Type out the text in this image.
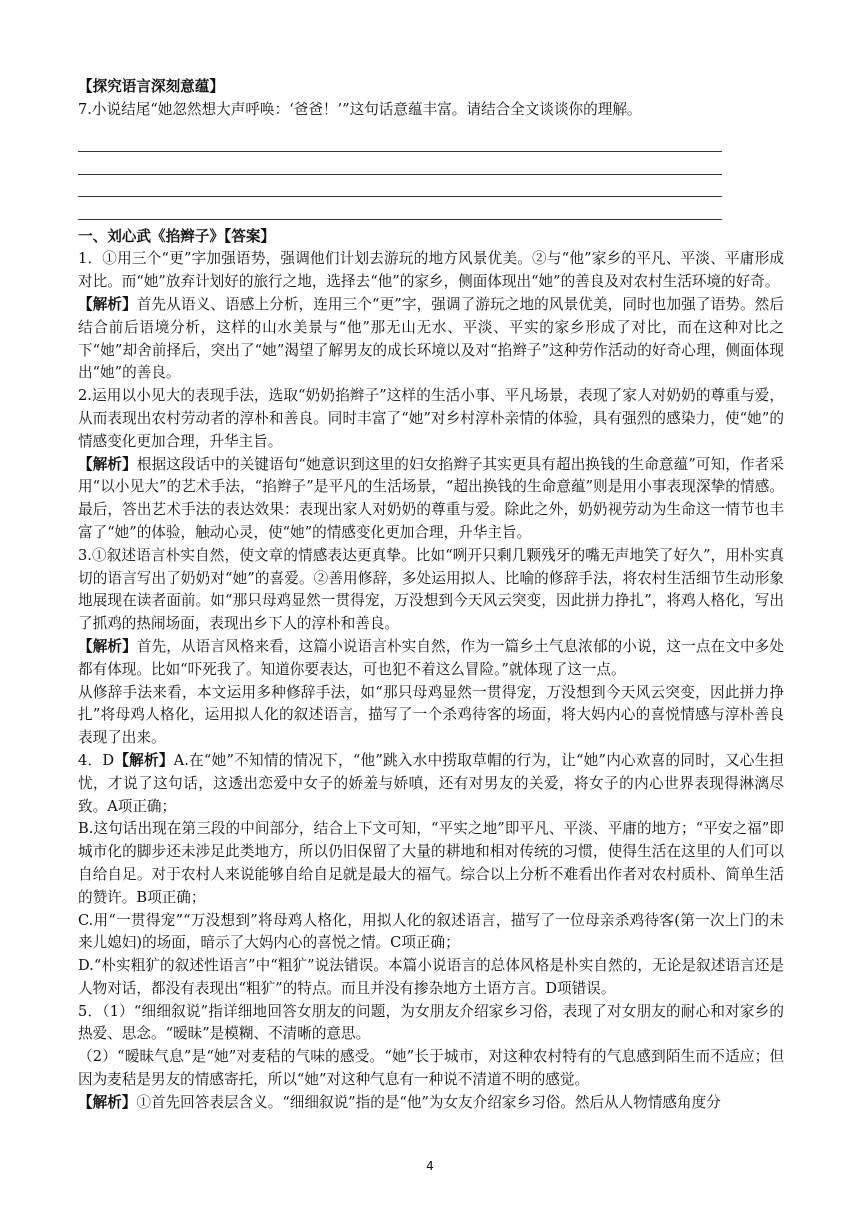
【探究语言深刻意蕴】

7.小说结尾“她忽然想大声呼唤：‘爸爸！’”这句话意蕴丰富。请结合全文谈谈你的理解。

一、刘心武《掐辫子》【答案】

1．①用三个“更”字加强语势，强调他们计划去游玩的地方风景优美。②与“他”家乡的平凡、平淡、平庸形成对比。而“她”放弃计划好的旅行之地，选择去“他”的家乡，侧面体现出“她”的善良及对农村生活环境的好奇。

【解析】首先从语义、语感上分析，连用三个“更”字，强调了游玩之地的风景优美，同时也加强了语势。然后结合前后语境分析，这样的山水美景与“他”那无山无水、平淡、平实的家乡形成了对比，而在这种对比之下“她”却舍前择后，突出了“她”渴望了解男友的成长环境以及对“掐辫子”这种劳作活动的好奇心理，侧面体现出“她”的善良。

2.运用以小见大的表现手法，选取“奶奶掐辫子”这样的生活小事、平凡场景，表现了家人对奶奶的尊重与爱，从而表现出农村劳动者的淳朴和善良。同时丰富了“她”对乡村淳朴亲情的体验，具有强烈的感染力，使“她”的情感变化更加合理，升华主旨。

【解析】根据这段话中的关键语句“她意识到这里的妇女掐辫子其实更具有超出换钱的生命意蕴”可知，作者采用“以小见大”的艺术手法，“掐辫子”是平凡的生活场景，“超出换钱的生命意蕴”则是用小事表现深挚的情感。最后，答出艺术手法的表达效果：表现出家人对奶奶的尊重与爱。除此之外，奶奶视劳动为生命这一情节也丰富了“她”的体验，触动心灵，使“她”的情感变化更加合理，升华主旨。

3.①叙述语言朴实自然，使文章的情感表达更真挚。比如“咧开只剩几颗残牙的嘴无声地笑了好久”，用朴实真切的语言写出了奶奶对“她”的喜爱。②善用修辞，多处运用拟人、比喻的修辞手法，将农村生活细节生动形象地展现在读者面前。如“那只母鸡显然一贯得宠，万没想到今天风云突变，因此拼力挣扎”，将鸡人格化，写出了抓鸡的热闹场面，表现出乡下人的淳朴和善良。

【解析】首先，从语言风格来看，这篇小说语言朴实自然，作为一篇乡土气息浓郁的小说，这一点在文中多处都有体现。比如“吓死我了。知道你要表达，可也犯不着这么冒险。”就体现了这一点。

从修辞手法来看，本文运用多种修辞手法，如“那只母鸡显然一贯得宠，万没想到今天风云突变，因此拼力挣扎”将母鸡人格化，运用拟人化的叙述语言，描写了一个杀鸡待客的场面，将大妈内心的喜悦情感与淳朴善良表现了出来。

4．D【解析】A.在“她”不知情的情况下，“他”跳入水中捞取草帽的行为，让“她”内心欢喜的同时，又心生担忧，才说了这句话，这透出恋爱中女子的娇羞与娇嗔，还有对男友的关爱，将女子的内心世界表现得淋漓尽致。A项正确；

B.这句话出现在第三段的中间部分，结合上下文可知，“平实之地”即平凡、平淡、平庸的地方；“平安之福”即城市化的脚步还未涉足此类地方，所以仍旧保留了大量的耕地和相对传统的习惯，使得生活在这里的人们可以自给自足。对于农村人来说能够自给自足就是最大的福气。综合以上分析不难看出作者对农村质朴、简单生活的赞许。B项正确；

C.用“一贯得宠”“万没想到”将母鸡人格化，用拟人化的叙述语言，描写了一位母亲杀鸡待客(第一次上门的未来儿媳妇)的场面，暗示了大妈内心的喜悦之情。C项正确；

D.“朴实粗犷的叙述性语言”中“粗犷”说法错误。本篇小说语言的总体风格是朴实自然的，无论是叙述语言还是人物对话，都没有表现出“粗犷”的特点。而且并没有掺杂地方土语方言。D项错误。

5．（1）“细细叙说”指详细地回答女朋友的问题，为女朋友介绍家乡习俗，表现了对女朋友的耐心和对家乡的热爱、思念。“暧昧”是模糊、不清晰的意思。

（2）“暧昧气息”是“她”对麦秸的气味的感受。“她”长于城市，对这种农村特有的气息感到陌生而不适应；但因为麦秸是男友的情感寄托，所以“她”对这种气息有一种说不清道不明的感觉。

【解析】①首先回答表层含义。“细细叙说”指的是“他”为女友介绍家乡习俗。然后从人物情感角度分

4
